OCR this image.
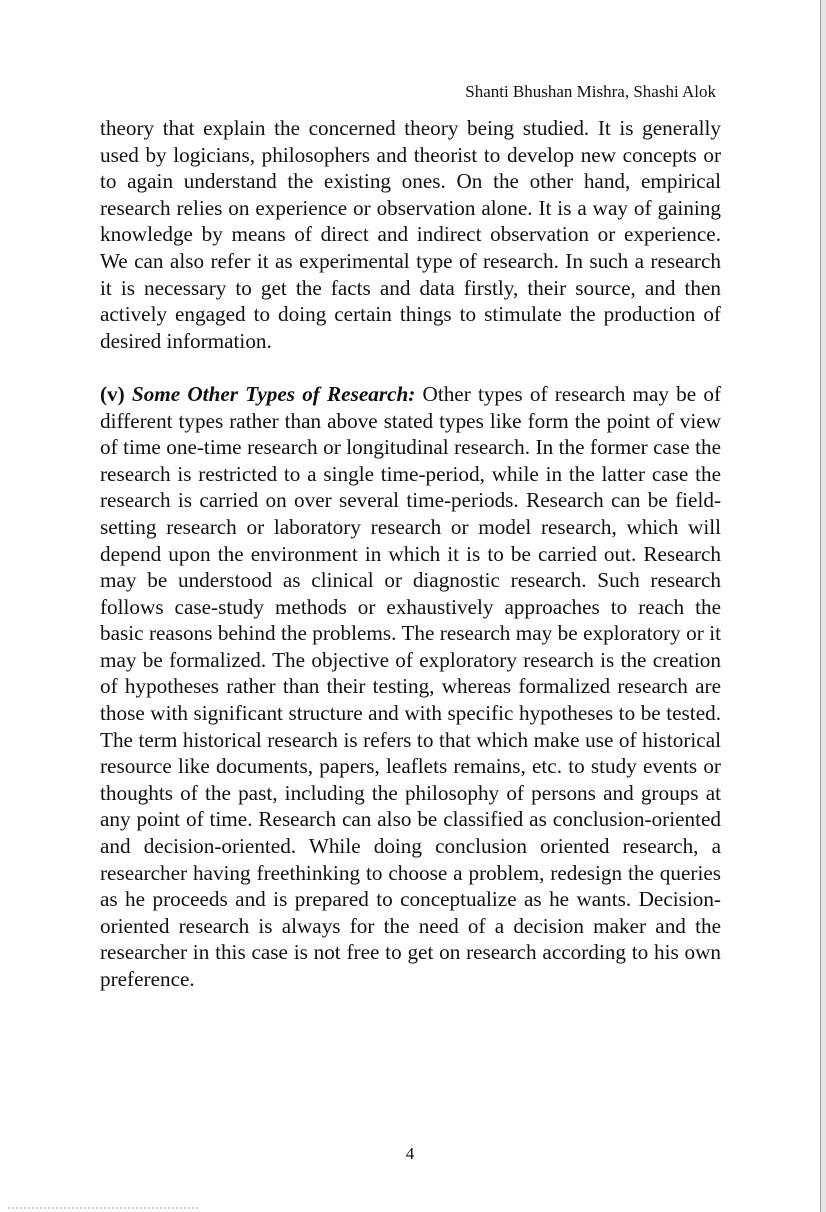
Shanti Bhushan Mishra, Shashi Alok

theory that explain the concerned theory being studied. It is generally used by logicians, philosophers and theorist to develop new concepts or to again understand the existing ones. On the other hand, empirical research relies on experience or observation alone. It is a way of gaining knowledge by means of direct and indirect observation or experience. We can also refer it as experimental type of research. In such a research it is necessary to get the facts and data firstly, their source, and then actively engaged to doing certain things to stimulate the production of desired information.

(v) Some Other Types of Research: Other types of research may be of different types rather than above stated types like form the point of view of time one-time research or longitudinal research. In the former case the research is restricted to a single time-period, while in the latter case the research is carried on over several time-periods. Research can be field-setting research or laboratory research or model research, which will depend upon the environment in which it is to be carried out. Research may be understood as clinical or diagnostic research. Such research follows case-study methods or exhaustively approaches to reach the basic reasons behind the problems. The research may be exploratory or it may be formalized. The objective of exploratory research is the creation of hypotheses rather than their testing, whereas formalized research are those with significant structure and with specific hypotheses to be tested. The term historical research is refers to that which make use of historical resource like documents, papers, leaflets remains, etc. to study events or thoughts of the past, including the philosophy of persons and groups at any point of time. Research can also be classified as conclusion-oriented and decision-oriented. While doing conclusion oriented research, a researcher having freethinking to choose a problem, redesign the queries as he proceeds and is prepared to conceptualize as he wants. Decision-oriented research is always for the need of a decision maker and the researcher in this case is not free to get on research according to his own preference.

4
